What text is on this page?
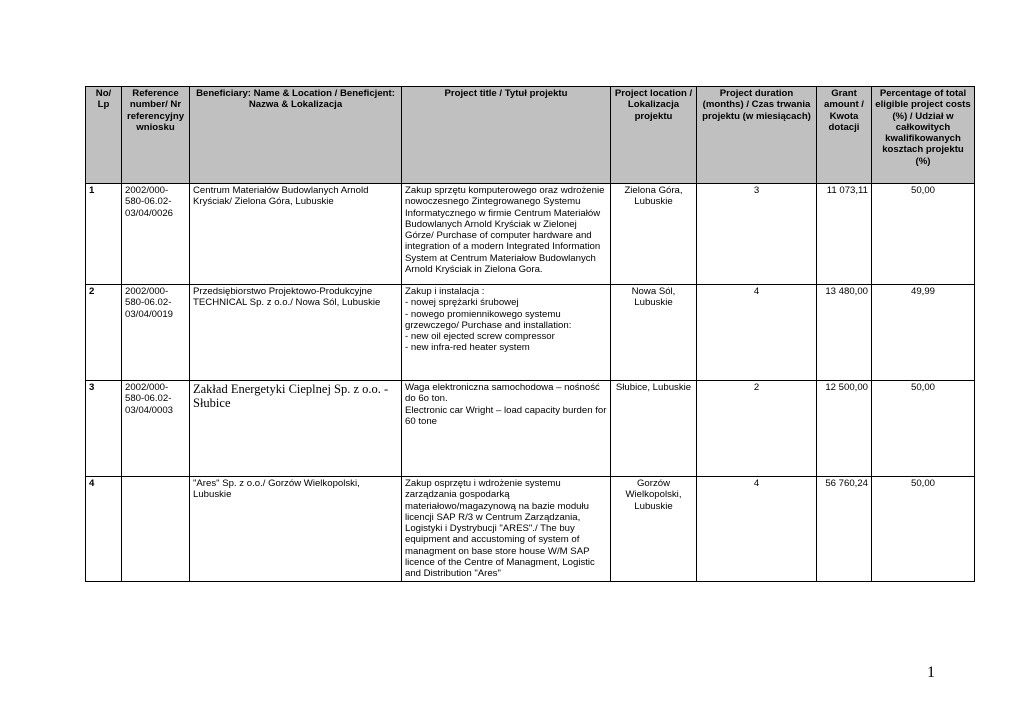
No/ Lp	Reference number/ Nr referencyjny wniosku	Beneficiary: Name & Location / Beneficjent: Nazwa & Lokalizacja	Project title / Tytuł projektu	Project location / Lokalizacja projektu	Project duration (months) / Czas trwania projektu (w miesiącach)	Grant amount / Kwota dotacji	Percentage of total eligible project costs (%) / Udział w całkowitych kwalifikowanych kosztach projektu (%)
1	2002/000-580-06.02-03/04/0026	Centrum Materiałów Budowlanych Arnold Kryściak/ Zielona Góra, Lubuskie	Zakup sprzętu komputerowego oraz wdrożenie nowoczesnego Zintegrowanego Systemu Informatycznego w firmie Centrum Materiałów Budowlanych Arnold Kryściak w Zielonej Górze/ Purchase of computer hardware and integration of a modern Integrated Information System at Centrum Materiałow Budowlanych Arnold Kryściak in Zielona Gora.	Zielona Góra, Lubuskie	3	11 073,11	50,00
2	2002/000-580-06.02-03/04/0019	Przedsiębiorstwo Projektowo-Produkcyjne TECHNICAL Sp. z o.o./ Nowa Sól, Lubuskie	Zakup i instalacja :
- nowej sprężarki śrubowej
- nowego promiennikowego systemu grzewczego/ Purchase and installation:
- new oil ejected screw compressor
- new infra-red heater system	Nowa Sól, Lubuskie	4	13 480,00	49,99
3	2002/000-580-06.02-03/04/0003	Zakład Energetyki Cieplnej Sp. z o.o. - Słubice	Waga elektroniczna samochodowa – nośność do 6o ton.
Electronic car Wright – load capacity burden for 60 tone	Słubice, Lubuskie	2	12 500,00	50,00
4		"Ares" Sp. z o.o./ Gorzów Wielkopolski, Lubuskie	Zakup osprzętu i wdrożenie systemu zarządzania gospodarką materiałowo/magazynową na bazie modułu licencji SAP R/3 w Centrum Zarządzania, Logistyki i Dystrybucji "ARES"./ The buy equipment and accustoming of system of managment on base store house W/M SAP licence of the Centre of Managment, Logistic and Distribution "Ares"	Gorzów Wielkopolski, Lubuskie	4	56 760,24	50,00
1
